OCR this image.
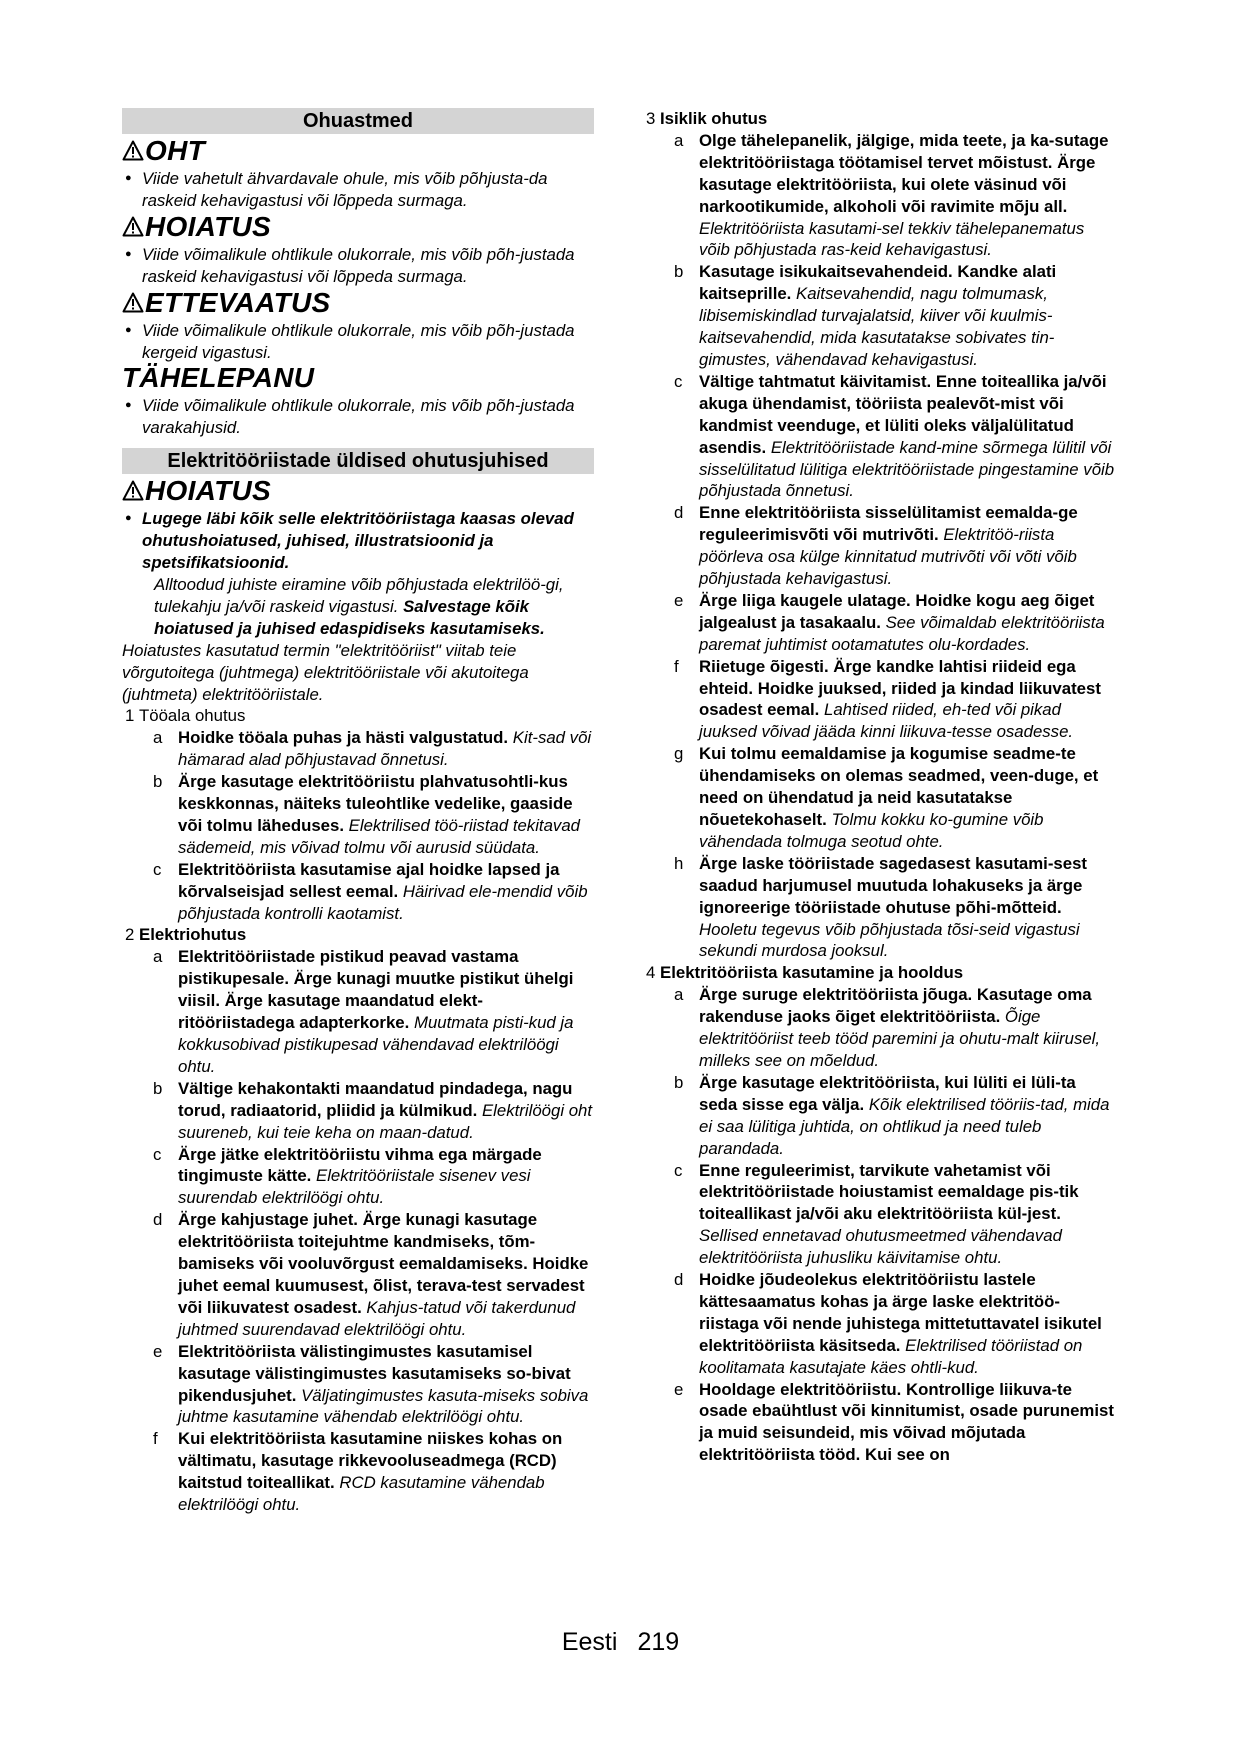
Ohuastmed
OHT
● Viide vahetult ähvardavale ohule, mis võib põhjusta-da raskeid kehavigastusi või lõppeda surmaga.
HOIATUS
● Viide võimalikule ohtlikule olukorrale, mis võib põh-justada raskeid kehavigastusi või lõppeda surmaga.
ETTEVAATUS
● Viide võimalikule ohtlikule olukorrale, mis võib põh-justada kergeid vigastusi.
TÄHELEPANU
● Viide võimalikule ohtlikule olukorrale, mis võib põh-justada varakahjusid.
Elektritööriistade üldised ohutusjuhised
HOIATUS
● Lugege läbi kõik selle elektritööriistaga kaasas olevad ohutushoiatused, juhised, illustratsioonid ja spetsifikatsioonid.
Alltoodud juhiste eiramine võib põhjustada elektrilöö-gi, tulekahju ja/või raskeid vigastusi. Salvestage kõik hoiatused ja juhised edaspidiseks kasutamiseks.
Hoiatustes kasutatud termin "elektritööriist" viitab teie võrgutoitega (juhtmega) elektritööriistale või akutoitega (juhtmeta) elektritööriistale.
1 Tööala ohutus
a Hoidke tööala puhas ja hästi valgustatud. Kit-sad või hämarad alad põhjustavad õnnetusi.
b Ärge kasutage elektritööriistu plahvatusohtli-kus keskkonnas, näiteks tuleohtlike vedelike, gaaside või tolmu läheduses. Elektrilised töö-riistad tekitavad sädemeid, mis võivad tolmu või aurusid süüdata.
c Elektritööriista kasutamise ajal hoidke lapsed ja kõrvalseisjad sellest eemal. Häirivad ele-mendid võib põhjustada kontrolli kaotamist.
2 Elektriohutus
a Elektritööriistade pistikud peavad vastama pistikupesale. Ärge kunagi muutke pistikut ühelgi viisil. Ärge kasutage maandatud elekt-ritööriistadega adapterkorke. Muutmata pisti-kud ja kokkusobivad pistikupesad vähendavad elektrilöögi ohtu.
b Vältige kehakontakti maandatud pindadega, nagu torud, radiaatorid, pliidid ja külmikud. Elektrilöögi oht suureneb, kui teie keha on maan-datud.
c Ärge jätke elektritööriistu vihma ega märgade tingimuste kätte. Elektritööriistale sisenev vesi suurendab elektrilöögi ohtu.
d Ärge kahjustage juhet. Ärge kunagi kasutage elektritööriista toitejuhtme kandmiseks, tõm-bamiseks või vooluvõrgust eemaldamiseks. Hoidke juhet eemal kuumusest, õlist, terava-test servadest või liikuvatest osadest. Kahjus-tatud või takerdunud juhtmed suurendavad elektrilöögi ohtu.
e Elektritööriista välistingimustes kasutamisel kasutage välistingimustes kasutamiseks so-bivat pikendusjuhet. Väljatingimustes kasuta-miseks sobiva juhtme kasutamine vähendab elektrilöögi ohtu.
f Kui elektritööriista kasutamine niiskes kohas on vältimatu, kasutage rikkevooluseadmega (RCD) kaitstud toiteallikat. RCD kasutamine vähendab elektrilöögi ohtu.
3 Isiklik ohutus
a Olge tähelepanelik, jälgige, mida teete, ja ka-sutage elektritööriistaga töötamisel tervet mõistust. Ärge kasutage elektritööriista, kui olete väsinud või narkootikumide, alkoholi või ravimite mõju all. Elektritööriista kasutami-sel tekkiv tähelepanematus võib põhjustada ras-keid kehavigastusi.
b Kasutage isikukaitsevahendeid. Kandke alati kaitseprille. Kaitsevahendid, nagu tolmumask, libisemiskindlad turvajalatsid, kiiver või kuulmis-kaitsevahendid, mida kasutatakse sobivates tin-gimustes, vähendavad kehavigastusi.
c Vältige tahtmatut käivitamist. Enne toiteallika ja/või akuga ühendamist, tööriista pealevõt-mist või kandmist veenduge, et lüliti oleks väljalülitatud asendis. Elektritööriistade kand-mine sõrmega lülitil või sisselülitatud lülitiga elektritööriistade pingestamine võib põhjustada õnnetusi.
d Enne elektritööriista sisselülitamist eemalda-ge reguleerimisvõti või mutrivõti. Elektritöö-riista pöörleva osa külge kinnitatud mutrivõti või võti võib põhjustada kehavigastusi.
e Ärge liiga kaugele ulatage. Hoidke kogu aeg õiget jalgealust ja tasakaalu. See võimaldab elektritööriista paremat juhtimist ootamatutes olu-kordades.
f Riietuge õigesti. Ärge kandke lahtisi riideid ega ehteid. Hoidke juuksed, riided ja kindad liikuvatest osadest eemal. Lahtised riided, eh-ted või pikad juuksed võivad jääda kinni liikuva-tesse osadesse.
g Kui tolmu eemaldamise ja kogumise seadme-te ühendamiseks on olemas seadmed, veen-duge, et need on ühendatud ja neid kasutatakse nõuetekohaselt. Tolmu kokku ko-gumine võib vähendada tolmuga seotud ohte.
h Ärge laske tööriistade sagedasest kasutami-sest saadud harjumusel muutuda lohakuseks ja ärge ignoreerige tööriistade ohutuse põhi-mõtteid. Hooletu tegevus võib põhjustada tõsi-seid vigastusi sekundi murdosa jooksul.
4 Elektritööriista kasutamine ja hooldus
a Ärge suruge elektritööriista jõuga. Kasutage oma rakenduse jaoks õiget elektritööriista. Õige elektritööriist teeb tööd paremini ja ohutu-malt kiirusel, milleks see on mõeldud.
b Ärge kasutage elektritööriista, kui lüliti ei lüli-ta seda sisse ega välja. Kõik elektrilised tööriis-tad, mida ei saa lülitiga juhtida, on ohtlikud ja need tuleb parandada.
c Enne reguleerimist, tarvikute vahetamist või elektritööriistade hoiustamist eemaldage pis-tik toiteallikast ja/või aku elektritööriista kül-jest. Sellised ennetavad ohutusmeetmed vähendavad elektritööriista juhusliku käivitamise ohtu.
d Hoidke jõudeolekus elektritööriistu lastele kättesaamatus kohas ja ärge laske elektritöö-riistaga või nende juhistega mittetuttavatel isikutel elektritööriista käsitseda. Elektrilised tööriistad on koolitamata kasutajate käes ohtli-kud.
e Hooldage elektritööriistu. Kontrollige liikuva-te osade ebaühtlust või kinnitumist, osade purunemist ja muid seisundeid, mis võivad mõjutada elektritööriista tööd. Kui see on
Eesti 219
